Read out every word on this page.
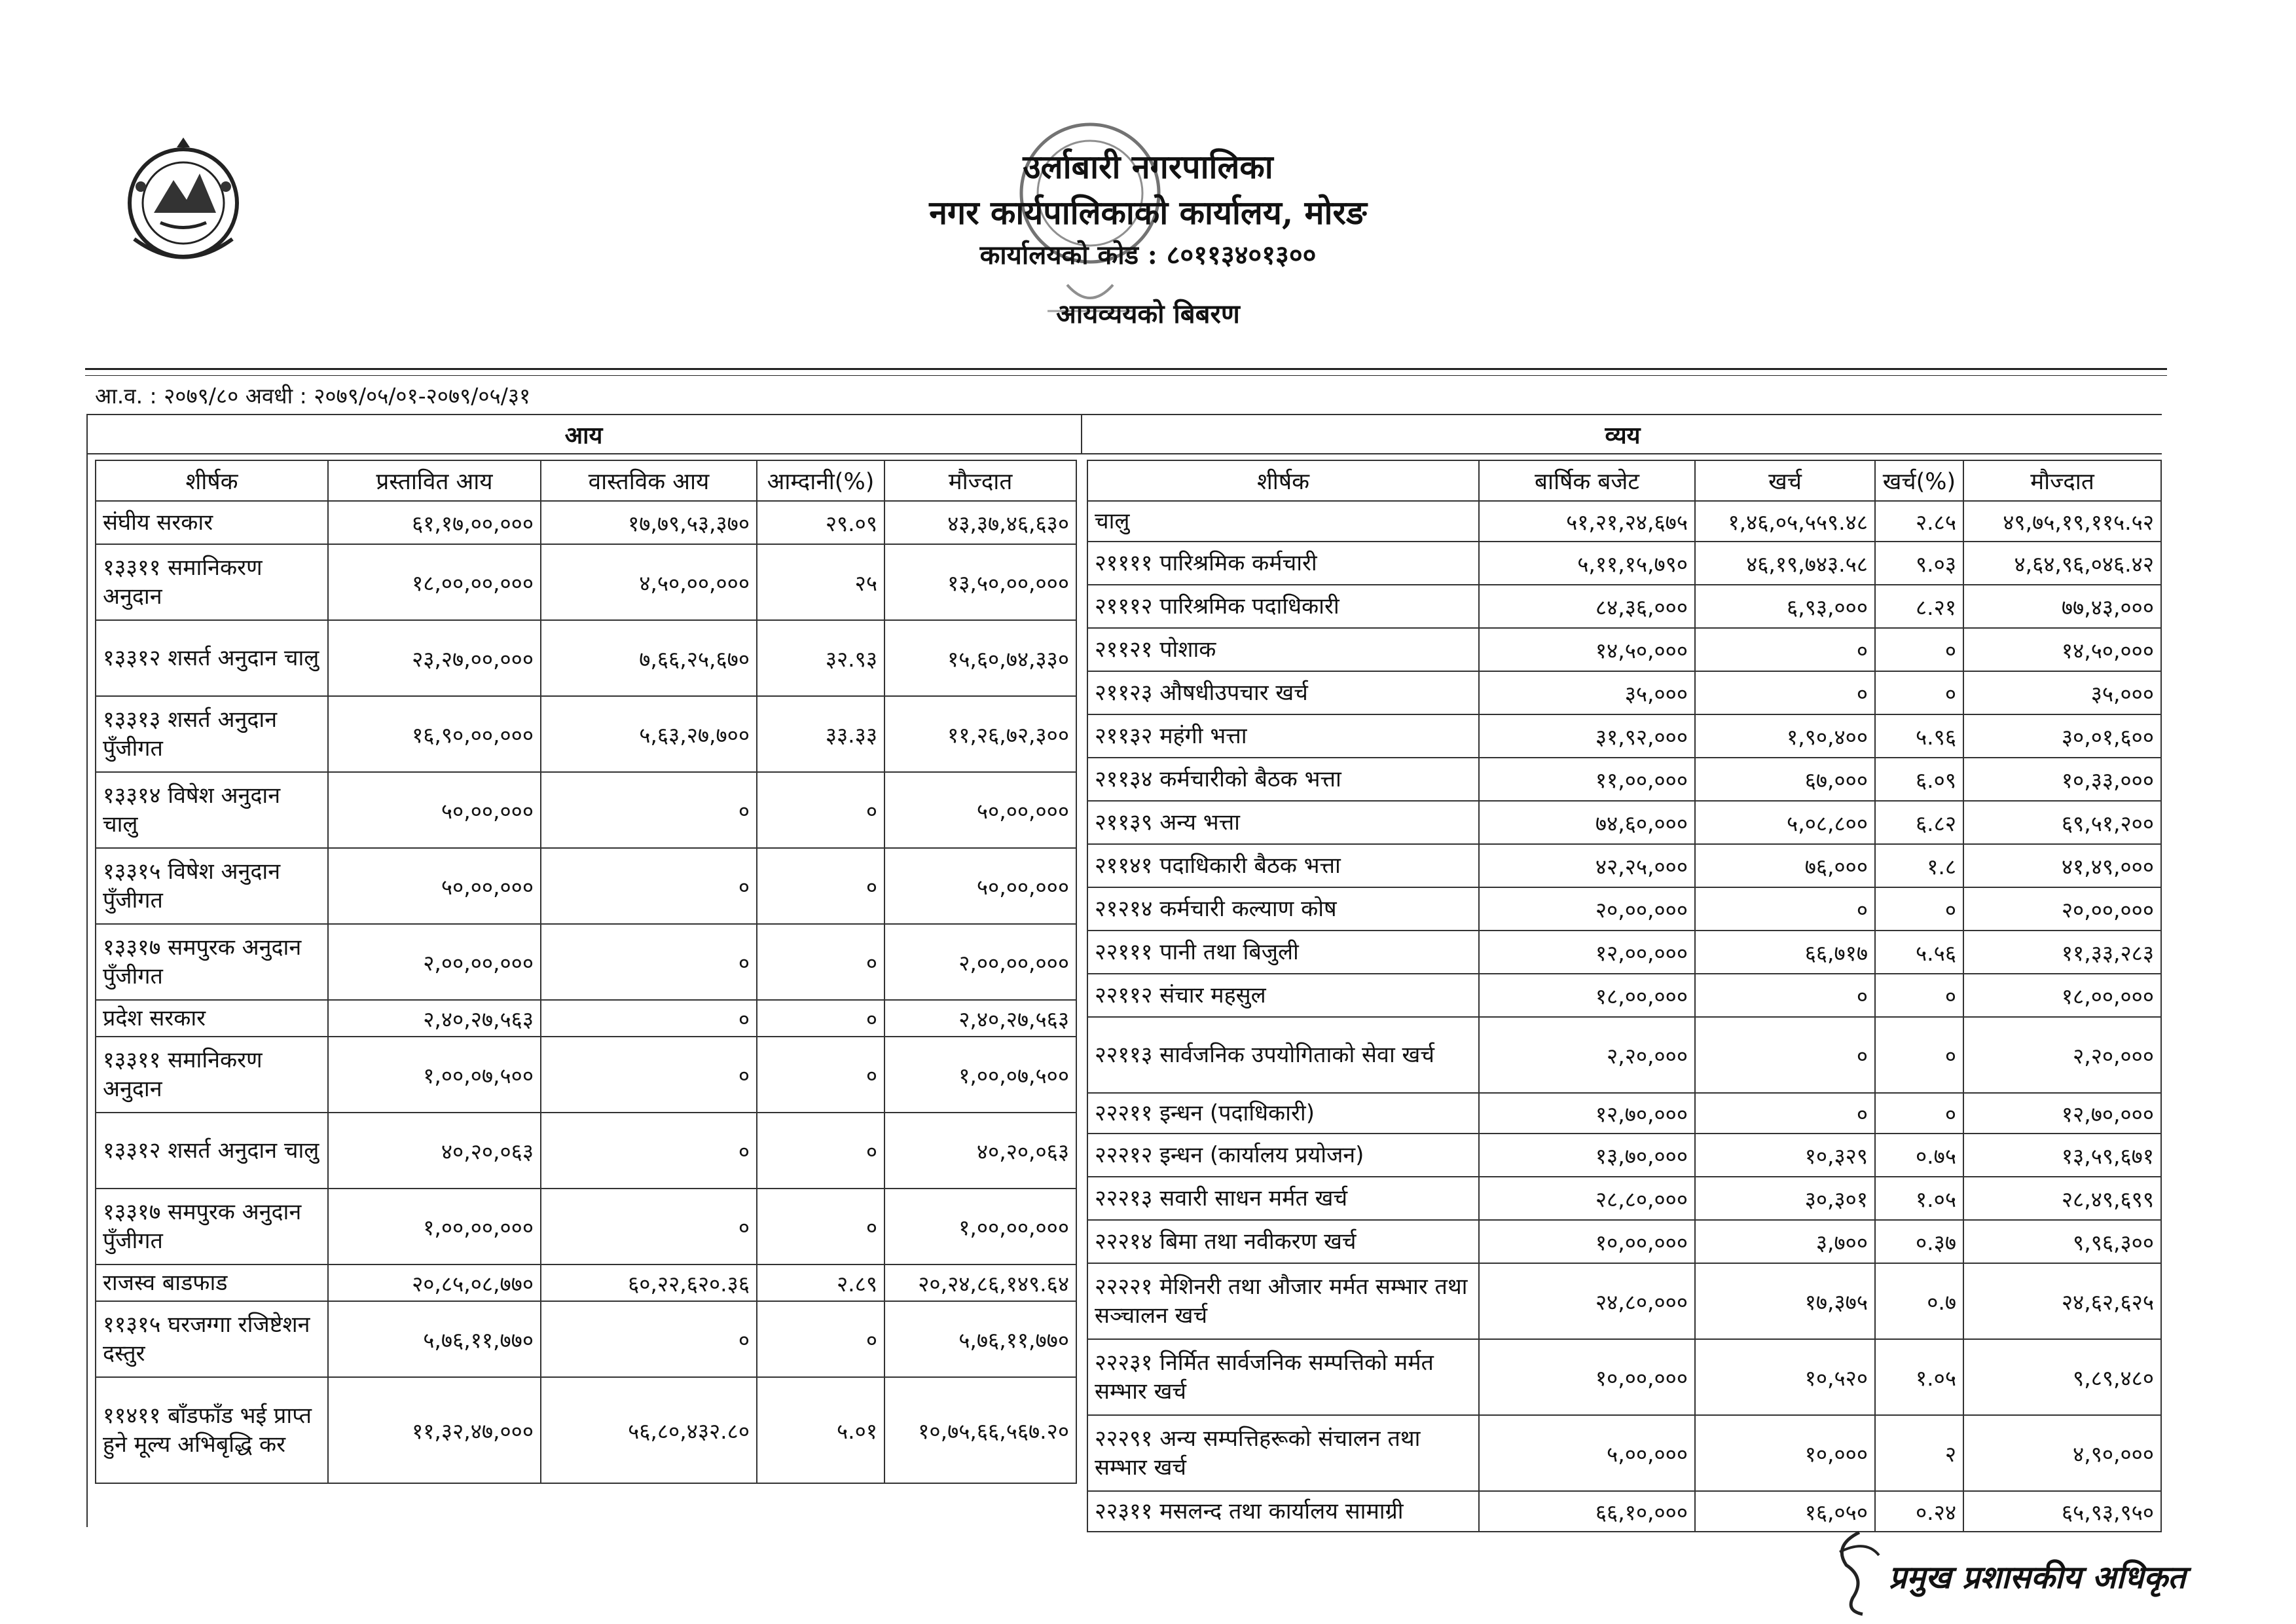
उर्लाबारी नगरपालिका
नगर कार्यपालिकाको कार्यालय, मोरङ
कार्यालयको कोड : ८०११३४०१३००
आयव्ययको बिबरण
आ.व. : २०७९/८० अवधी : २०७९/०५/०१-२०७९/०५/३१
आय	व्यय
शीर्षक	प्रस्तावित आय	वास्तविक आय	आम्दानी(%)	मौज्दात
संघीय सरकार	६१,१७,००,०००	१७,७९,५३,३७०	२९.०९	४३,३७,४६,६३०
१३३११ समानिकरण अनुदान	१८,००,००,०००	४,५०,००,०००	२५	१३,५०,००,०००
१३३१२ शसर्त अनुदान चालु	२३,२७,००,०००	७,६६,२५,६७०	३२.९३	१५,६०,७४,३३०
१३३१३ शसर्त अनुदान पुँजीगत	१६,९०,००,०००	५,६३,२७,७००	३३.३३	११,२६,७२,३००
१३३१४ विषेश अनुदान चालु	५०,००,०००	०	०	५०,००,०००
१३३१५ विषेश अनुदान पुँजीगत	५०,००,०००	०	०	५०,००,०००
१३३१७ समपुरक अनुदान पुँजीगत	२,००,००,०००	०	०	२,००,००,०००
प्रदेश सरकार	२,४०,२७,५६३	०	०	२,४०,२७,५६३
१३३११ समानिकरण अनुदान	१,००,०७,५००	०	०	१,००,०७,५००
१३३१२ शसर्त अनुदान चालु	४०,२०,०६३	०	०	४०,२०,०६३
१३३१७ समपुरक अनुदान पुँजीगत	१,००,००,०००	०	०	१,००,००,०००
राजस्व बाडफाड	२०,८५,०८,७७०	६०,२२,६२०.३६	२.८९	२०,२४,८६,१४९.६४
११३१५ घरजग्गा रजिष्टेशन दस्तुर	५,७६,११,७७०	०	०	५,७६,११,७७०
११४११ बाँडफाँड भई प्राप्त हुने मूल्य अभिबृद्धि कर	११,३२,४७,०००	५६,८०,४३२.८०	५.०१	१०,७५,६६,५६७.२०
शीर्षक	बार्षिक बजेट	खर्च	खर्च(%)	मौज्दात
चालु	५१,२१,२४,६७५	१,४६,०५,५५९.४८	२.८५	४९,७५,१९,११५.५२
२११११ पारिश्रमिक कर्मचारी	५,११,१५,७९०	४६,१९,७४३.५८	९.०३	४,६४,९६,०४६.४२
२१११२ पारिश्रमिक पदाधिकारी	८४,३६,०००	६,९३,०००	८.२१	७७,४३,०००
२११२१ पोशाक	१४,५०,०००	०	०	१४,५०,०००
२११२३ औषधीउपचार खर्च	३५,०००	०	०	३५,०००
२११३२ महंगी भत्ता	३१,९२,०००	१,९०,४००	५.९६	३०,०१,६००
२११३४ कर्मचारीको बैठक भत्ता	११,००,०००	६७,०००	६.०९	१०,३३,०००
२११३९ अन्य भत्ता	७४,६०,०००	५,०८,८००	६.८२	६९,५१,२००
२११४१ पदाधिकारी बैठक भत्ता	४२,२५,०००	७६,०००	१.८	४१,४९,०००
२१२१४ कर्मचारी कल्याण कोष	२०,००,०००	०	०	२०,००,०००
२२१११ पानी तथा बिजुली	१२,००,०००	६६,७१७	५.५६	११,३३,२८३
२२११२ संचार महसुल	१८,००,०००	०	०	१८,००,०००
२२११३ सार्वजनिक उपयोगिताको सेवा खर्च	२,२०,०००	०	०	२,२०,०००
२२२११ इन्धन (पदाधिकारी)	१२,७०,०००	०	०	१२,७०,०००
२२२१२ इन्धन (कार्यालय प्रयोजन)	१३,७०,०००	१०,३२९	०.७५	१३,५९,६७१
२२२१३ सवारी साधन मर्मत खर्च	२८,८०,०००	३०,३०१	१.०५	२८,४९,६९९
२२२१४ बिमा तथा नवीकरण खर्च	१०,००,०००	३,७००	०.३७	९,९६,३००
२२२२१ मेशिनरी तथा औजार मर्मत सम्भार तथा सञ्चालन खर्च	२४,८०,०००	१७,३७५	०.७	२४,६२,६२५
२२२३१ निर्मित सार्वजनिक सम्पत्तिको मर्मत सम्भार खर्च	१०,००,०००	१०,५२०	१.०५	९,८९,४८०
२२२९१ अन्य सम्पत्तिहरूको संचालन तथा सम्भार खर्च	५,००,०००	१०,०००	२	४,९०,०००
२२३११ मसलन्द तथा कार्यालय सामाग्री	६६,१०,०००	१६,०५०	०.२४	६५,९३,९५०
प्रमुख प्रशासकीय अधिकृत
